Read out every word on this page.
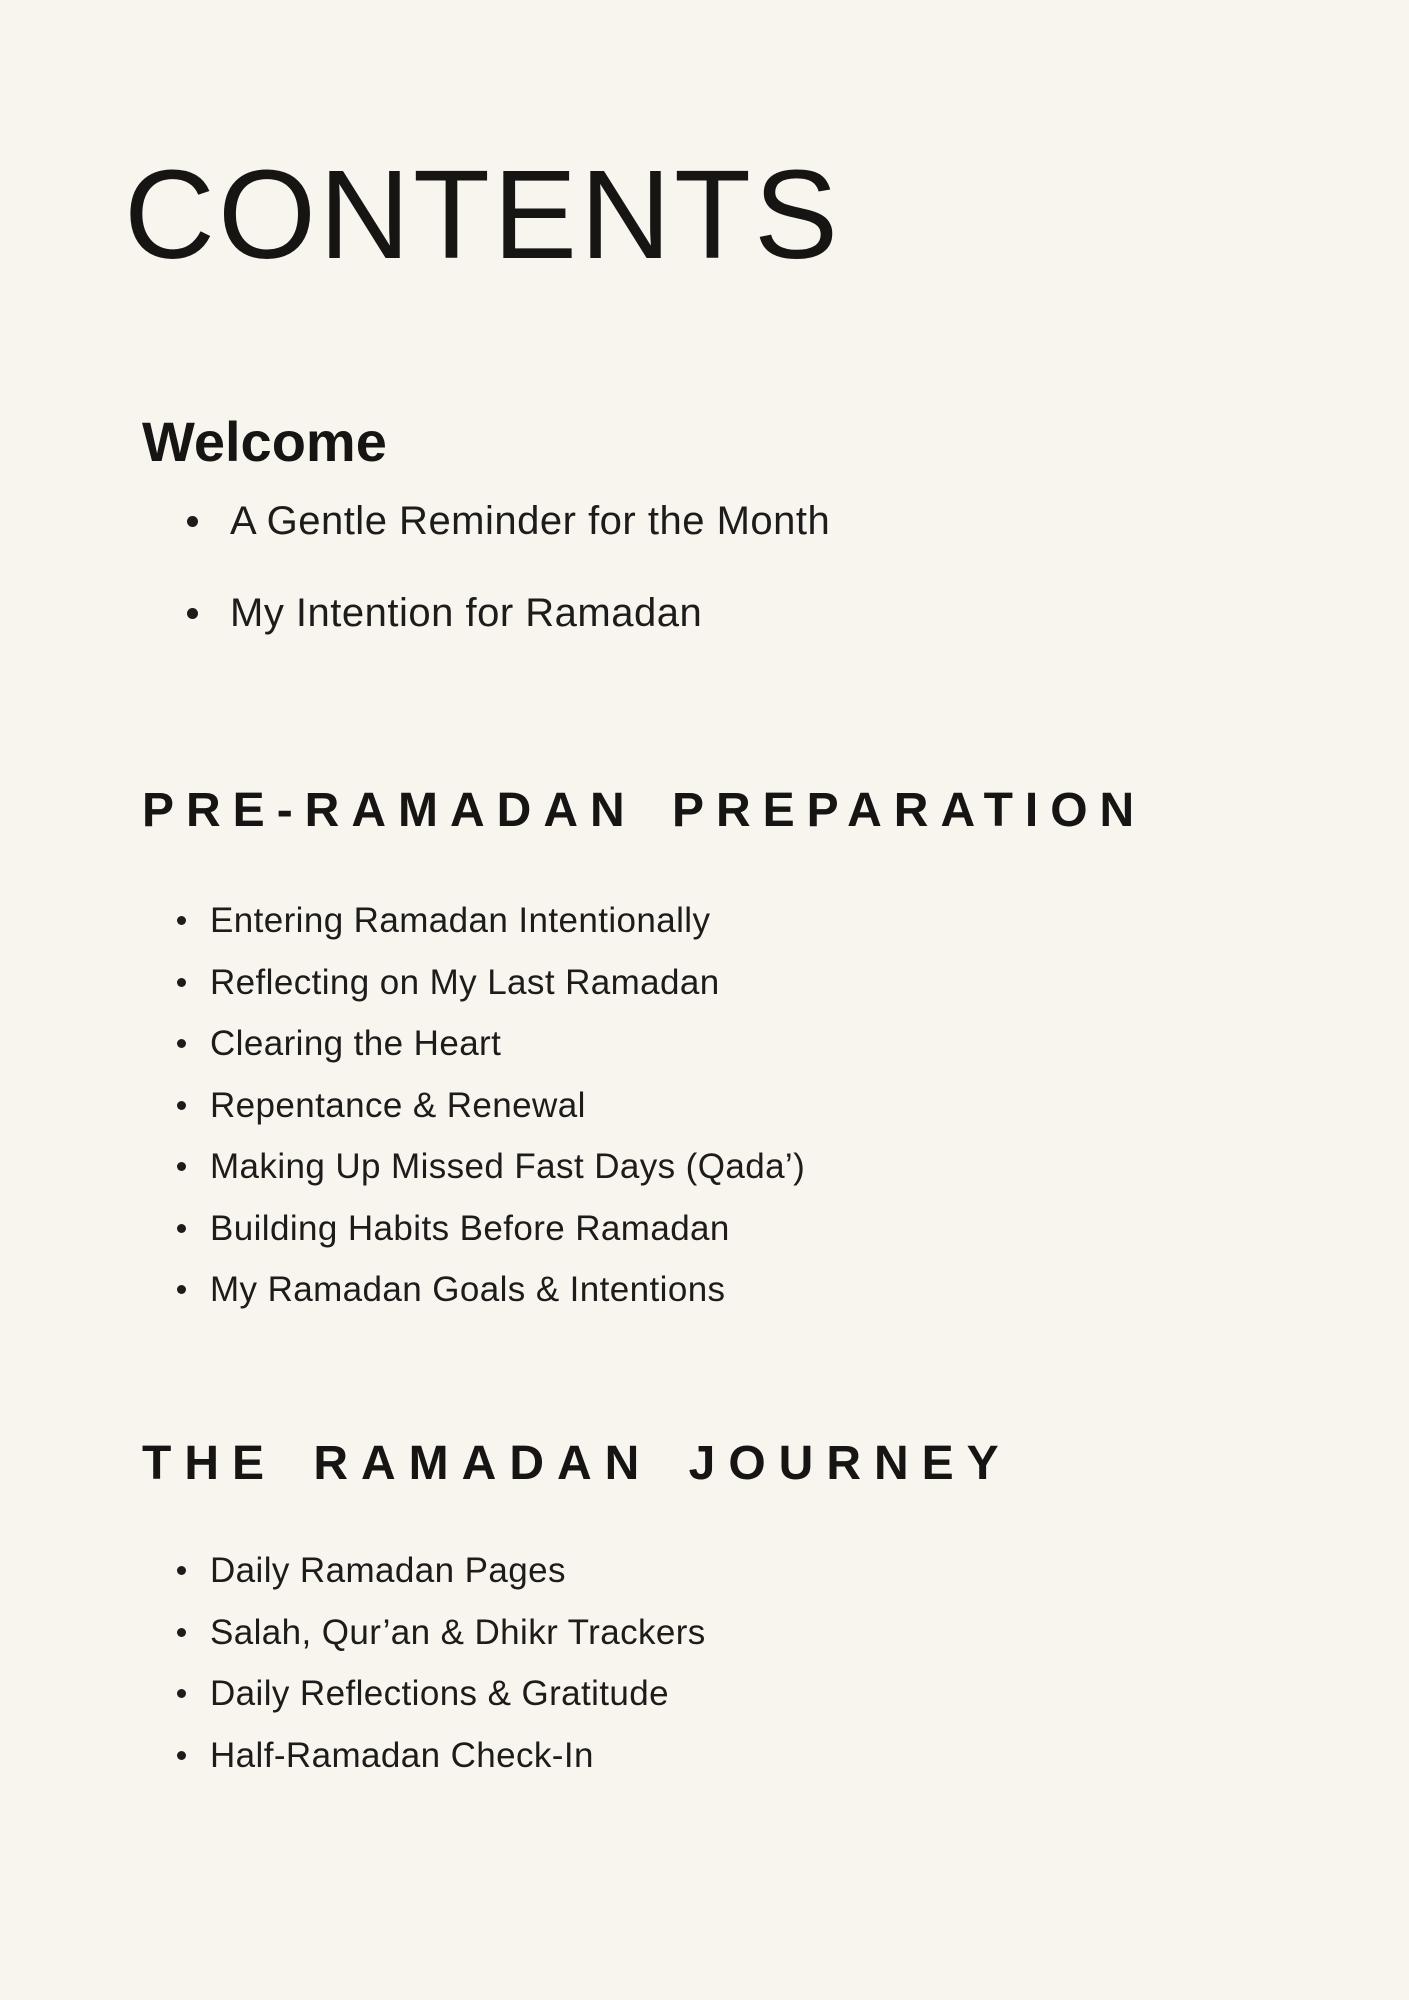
CONTENTS
Welcome
A Gentle Reminder for the Month
My Intention for Ramadan
PRE-RAMADAN PREPARATION
Entering Ramadan Intentionally
Reflecting on My Last Ramadan
Clearing the Heart
Repentance & Renewal
Making Up Missed Fast Days (Qada’)
Building Habits Before Ramadan
My Ramadan Goals & Intentions
THE RAMADAN JOURNEY
Daily Ramadan Pages
Salah, Qur’an & Dhikr Trackers
Daily Reflections & Gratitude
Half-Ramadan Check-In
